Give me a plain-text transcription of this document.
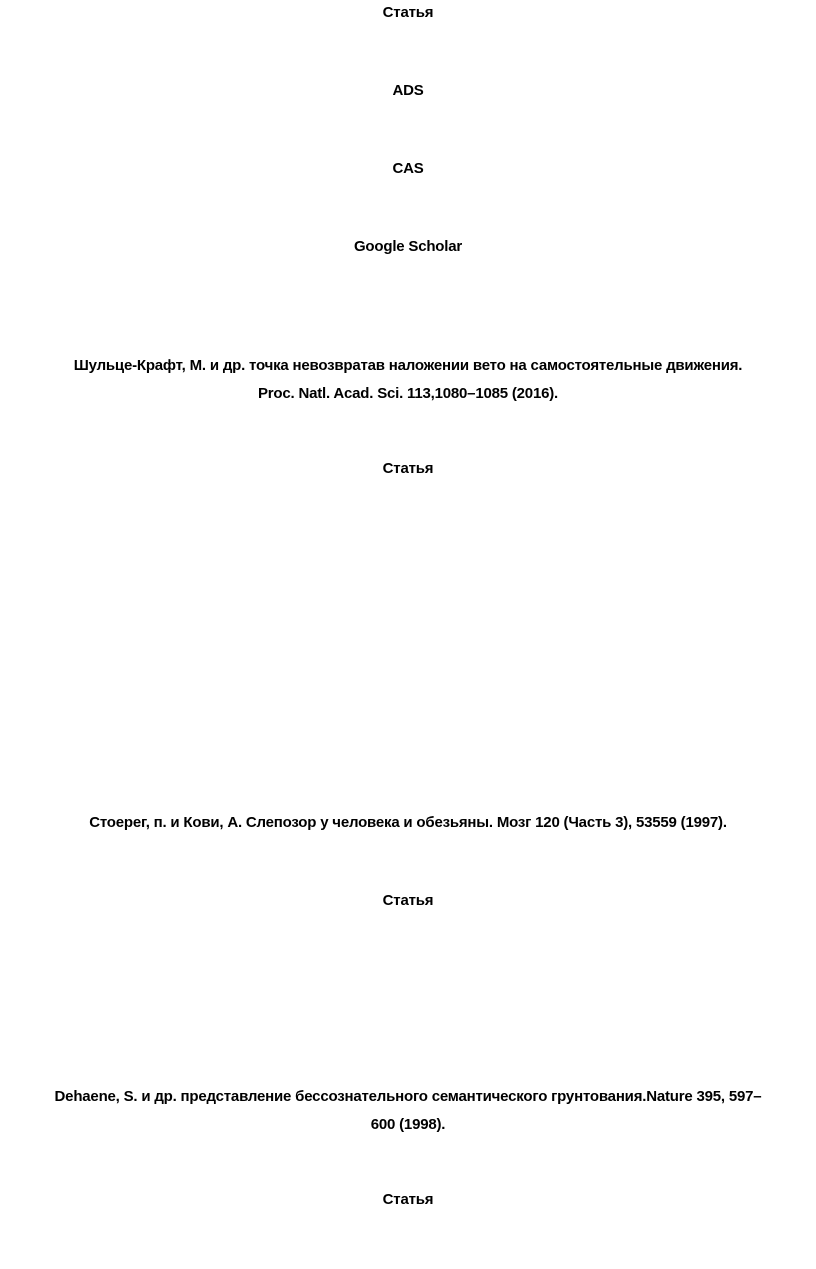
Статья
ADS
CAS
Google Scholar
Шульце-Крафт, М. и др. точка невозвратав наложении вето на самостоятельные движения.
Proc. Natl. Acad. Sci. 113,1080–1085 (2016).
Статья
Стоерег, п. и Кови, А. Слепозор у человека и обезьяны. Мозг 120 (Часть 3), 53559 (1997).
Статья
Dehaene, S. и др. представление бессознательного семантического грунтования.Nature 395, 597–
600 (1998).
Статья
